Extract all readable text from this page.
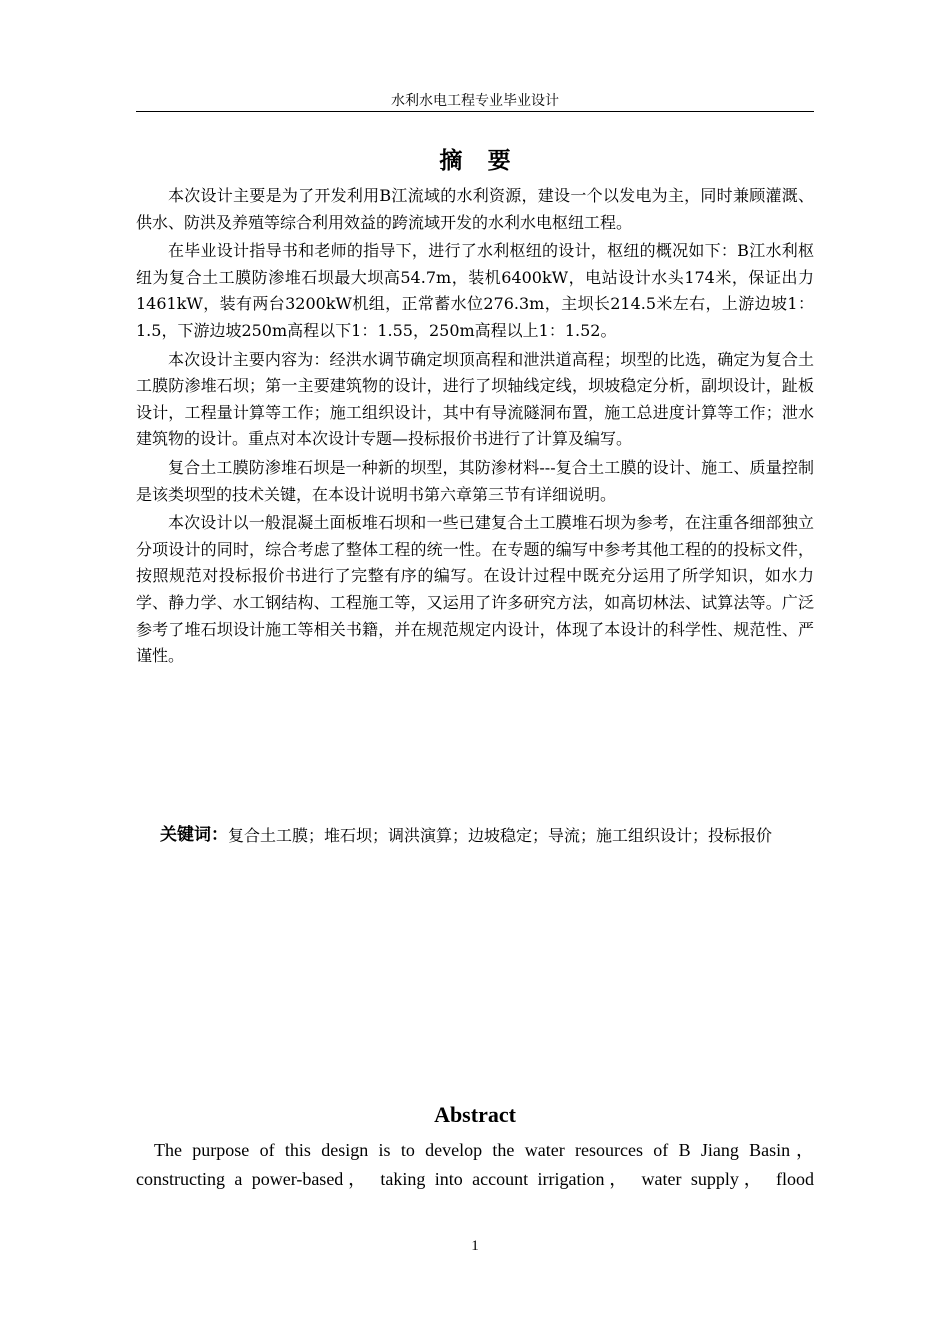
水利水电工程专业毕业设计
摘要

本次设计主要是为了开发利用B江流域的水利资源，建设一个以发电为主，同时兼顾灌溉、供水、防洪及养殖等综合利用效益的跨流域开发的水利水电枢纽工程。

在毕业设计指导书和老师的指导下，进行了水利枢纽的设计，枢纽的概况如下：B江水利枢纽为复合土工膜防渗堆石坝最大坝高54.7m，装机6400kW，电站设计水头174米，保证出力1461kW，装有两台3200kW机组，正常蓄水位276.3m，主坝长214.5米左右，上游边坡1：1.5，下游边坡250m高程以下1：1.55，250m高程以上1：1.52。

本次设计主要内容为：经洪水调节确定坝顶高程和泄洪道高程；坝型的比选，确定为复合土工膜防渗堆石坝；第一主要建筑物的设计，进行了坝轴线定线，坝坡稳定分析，副坝设计，趾板设计，工程量计算等工作；施工组织设计，其中有导流隧洞布置，施工总进度计算等工作；泄水建筑物的设计。重点对本次设计专题—投标报价书进行了计算及编写。

复合土工膜防渗堆石坝是一种新的坝型，其防渗材料---复合土工膜的设计、施工、质量控制是该类坝型的技术关键，在本设计说明书第六章第三节有详细说明。

本次设计以一般混凝土面板堆石坝和一些已建复合土工膜堆石坝为参考，在注重各细部独立分项设计的同时，综合考虑了整体工程的统一性。在专题的编写中参考其他工程的的投标文件，按照规范对投标报价书进行了完整有序的编写。在设计过程中既充分运用了所学知识，如水力学、静力学、水工钢结构、工程施工等，又运用了许多研究方法，如高切林法、试算法等。广泛参考了堆石坝设计施工等相关书籍，并在规范规定内设计，体现了本设计的科学性、规范性、严谨性。

关键词： 复合土工膜；堆石坝；调洪演算；边坡稳定；导流；施工组织设计；投标报价
Abstract

The purpose of this design is to develop the water resources of B Jiang Basin，constructing a power-based， taking into account irrigation， water supply， flood

1
